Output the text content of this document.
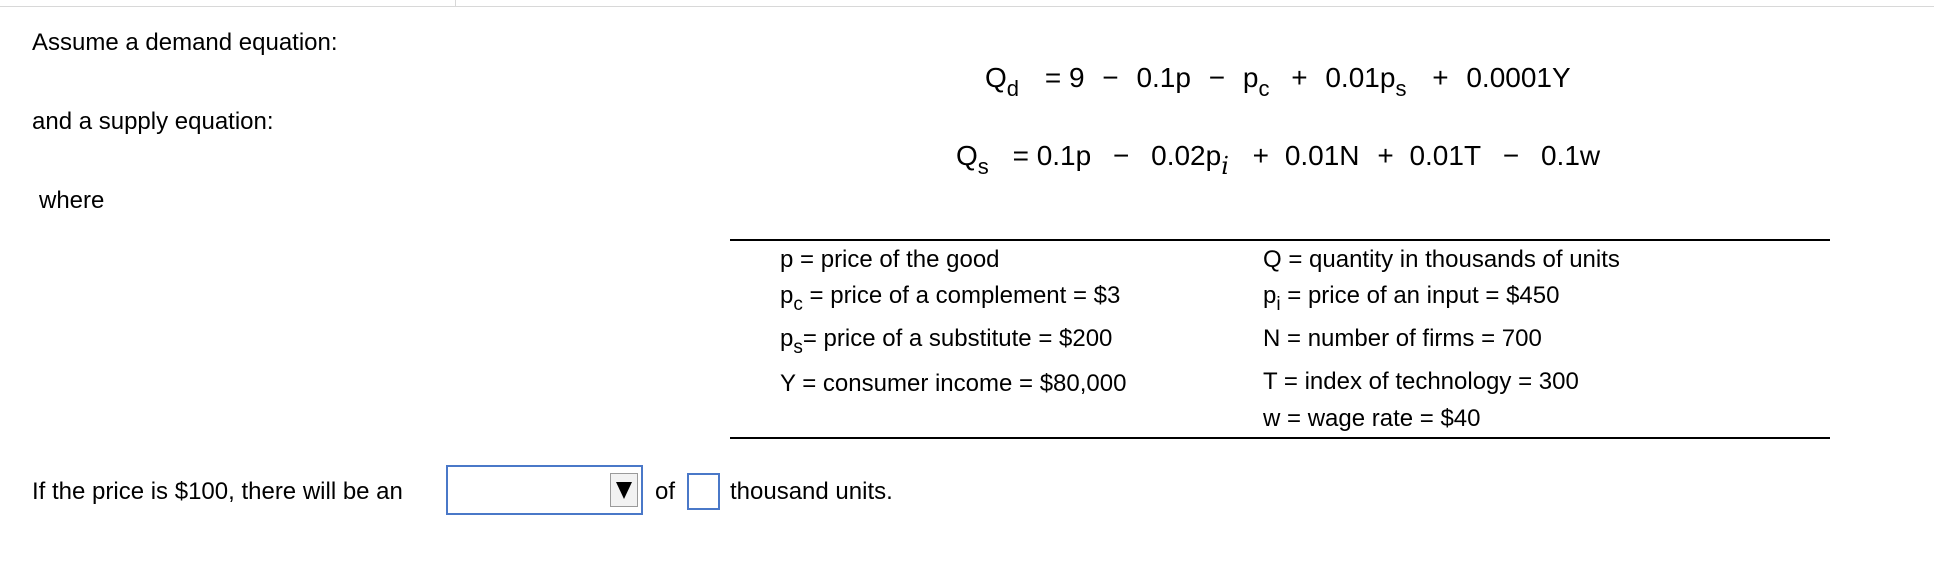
Assume a demand equation:
and a supply equation:
where
Qd = 9 − 0.1p − pc + 0.01ps + 0.0001Y
Qs = 0.1p − 0.02pi + 0.01N + 0.01T − 0.1w
p = price of the good
$p_c$ = price of a complement = $3
$p_s=$ price of a substitute = $200
Y = consumer income = $80,000
Q = quantity in thousands of units
$p_i$ = price of an input = $450
N = number of firms = 700
T = index of technology = 300
w = wage rate = $40
If the price is $100, there will be an	of thousand units.
